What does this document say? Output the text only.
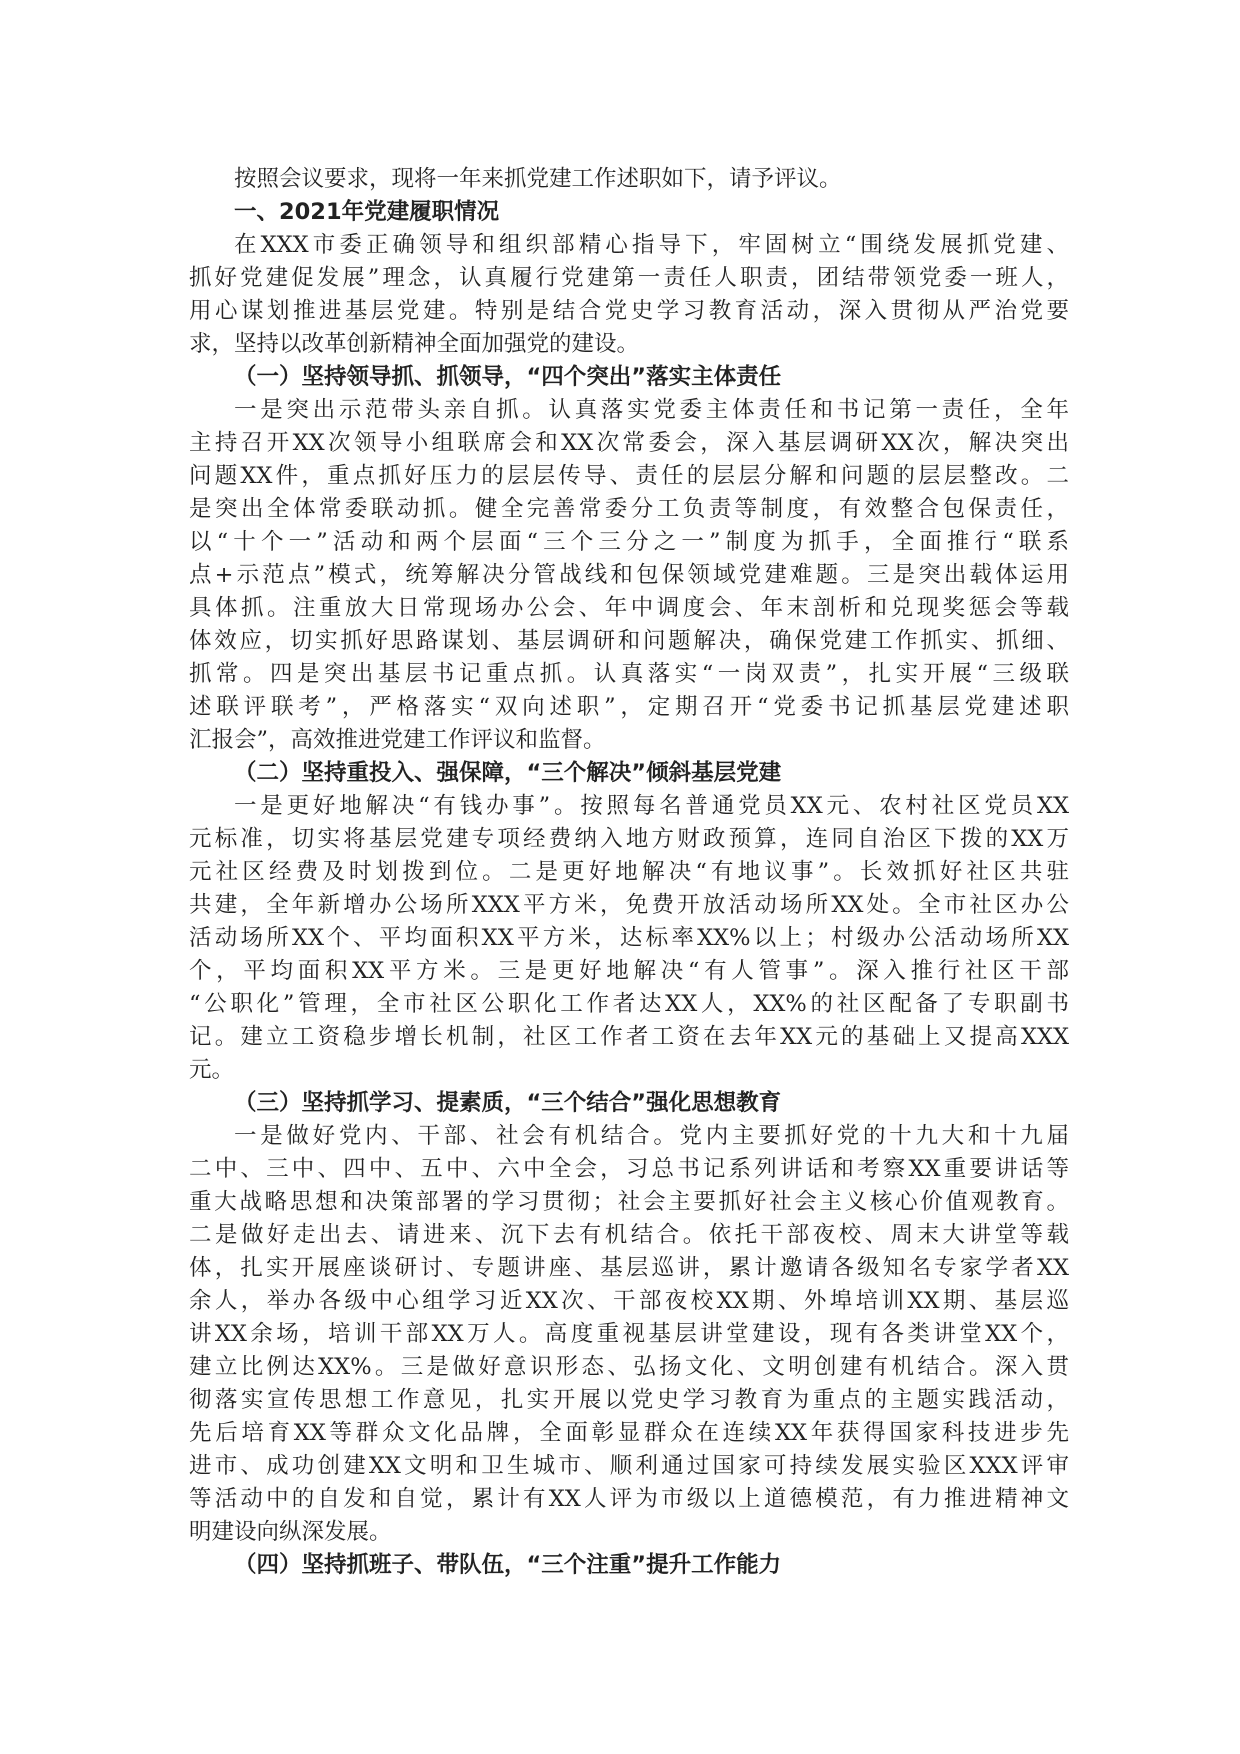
按照会议要求，现将一年来抓党建工作述职如下，请予评议。
一、2021年党建履职情况
在XXX市委正确领导和组织部精心指导下，牢固树立“围绕发展抓党建、
抓好党建促发展”理念，认真履行党建第一责任人职责，团结带领党委一班人，
用心谋划推进基层党建。特别是结合党史学习教育活动，深入贯彻从严治党要
求，坚持以改革创新精神全面加强党的建设。
（一）坚持领导抓、抓领导，“四个突出”落实主体责任
一是突出示范带头亲自抓。认真落实党委主体责任和书记第一责任，全年
主持召开XX次领导小组联席会和XX次常委会，深入基层调研XX次，解决突出
问题XX件，重点抓好压力的层层传导、责任的层层分解和问题的层层整改。二
是突出全体常委联动抓。健全完善常委分工负责等制度，有效整合包保责任，
以“十个一”活动和两个层面“三个三分之一”制度为抓手，全面推行“联系
点+示范点”模式，统筹解决分管战线和包保领域党建难题。三是突出载体运用
具体抓。注重放大日常现场办公会、年中调度会、年末剖析和兑现奖惩会等载
体效应，切实抓好思路谋划、基层调研和问题解决，确保党建工作抓实、抓细、
抓常。四是突出基层书记重点抓。认真落实“一岗双责”，扎实开展“三级联
述联评联考”，严格落实“双向述职”，定期召开“党委书记抓基层党建述职
汇报会”，高效推进党建工作评议和监督。
（二）坚持重投入、强保障，“三个解决”倾斜基层党建
一是更好地解决“有钱办事”。按照每名普通党员XX元、农村社区党员XX
元标准，切实将基层党建专项经费纳入地方财政预算，连同自治区下拨的XX万
元社区经费及时划拨到位。二是更好地解决“有地议事”。长效抓好社区共驻
共建，全年新增办公场所XXX平方米，免费开放活动场所XX处。全市社区办公
活动场所XX个、平均面积XX平方米，达标率XX%以上；村级办公活动场所XX
个，平均面积XX平方米。三是更好地解决“有人管事”。深入推行社区干部
“公职化”管理，全市社区公职化工作者达XX人，XX%的社区配备了专职副书
记。建立工资稳步增长机制，社区工作者工资在去年XX元的基础上又提高XXX
元。
（三）坚持抓学习、提素质，“三个结合”强化思想教育
一是做好党内、干部、社会有机结合。党内主要抓好党的十九大和十九届
二中、三中、四中、五中、六中全会，习总书记系列讲话和考察XX重要讲话等
重大战略思想和决策部署的学习贯彻；社会主要抓好社会主义核心价值观教育。
二是做好走出去、请进来、沉下去有机结合。依托干部夜校、周末大讲堂等载
体，扎实开展座谈研讨、专题讲座、基层巡讲，累计邀请各级知名专家学者XX
余人，举办各级中心组学习近XX次、干部夜校XX期、外埠培训XX期、基层巡
讲XX余场，培训干部XX万人。高度重视基层讲堂建设，现有各类讲堂XX个，
建立比例达XX%。三是做好意识形态、弘扬文化、文明创建有机结合。深入贯
彻落实宣传思想工作意见，扎实开展以党史学习教育为重点的主题实践活动，
先后培育XX等群众文化品牌，全面彰显群众在连续XX年获得国家科技进步先
进市、成功创建XX文明和卫生城市、顺利通过国家可持续发展实验区XXX评审
等活动中的自发和自觉，累计有XX人评为市级以上道德模范，有力推进精神文
明建设向纵深发展。
（四）坚持抓班子、带队伍，“三个注重”提升工作能力
